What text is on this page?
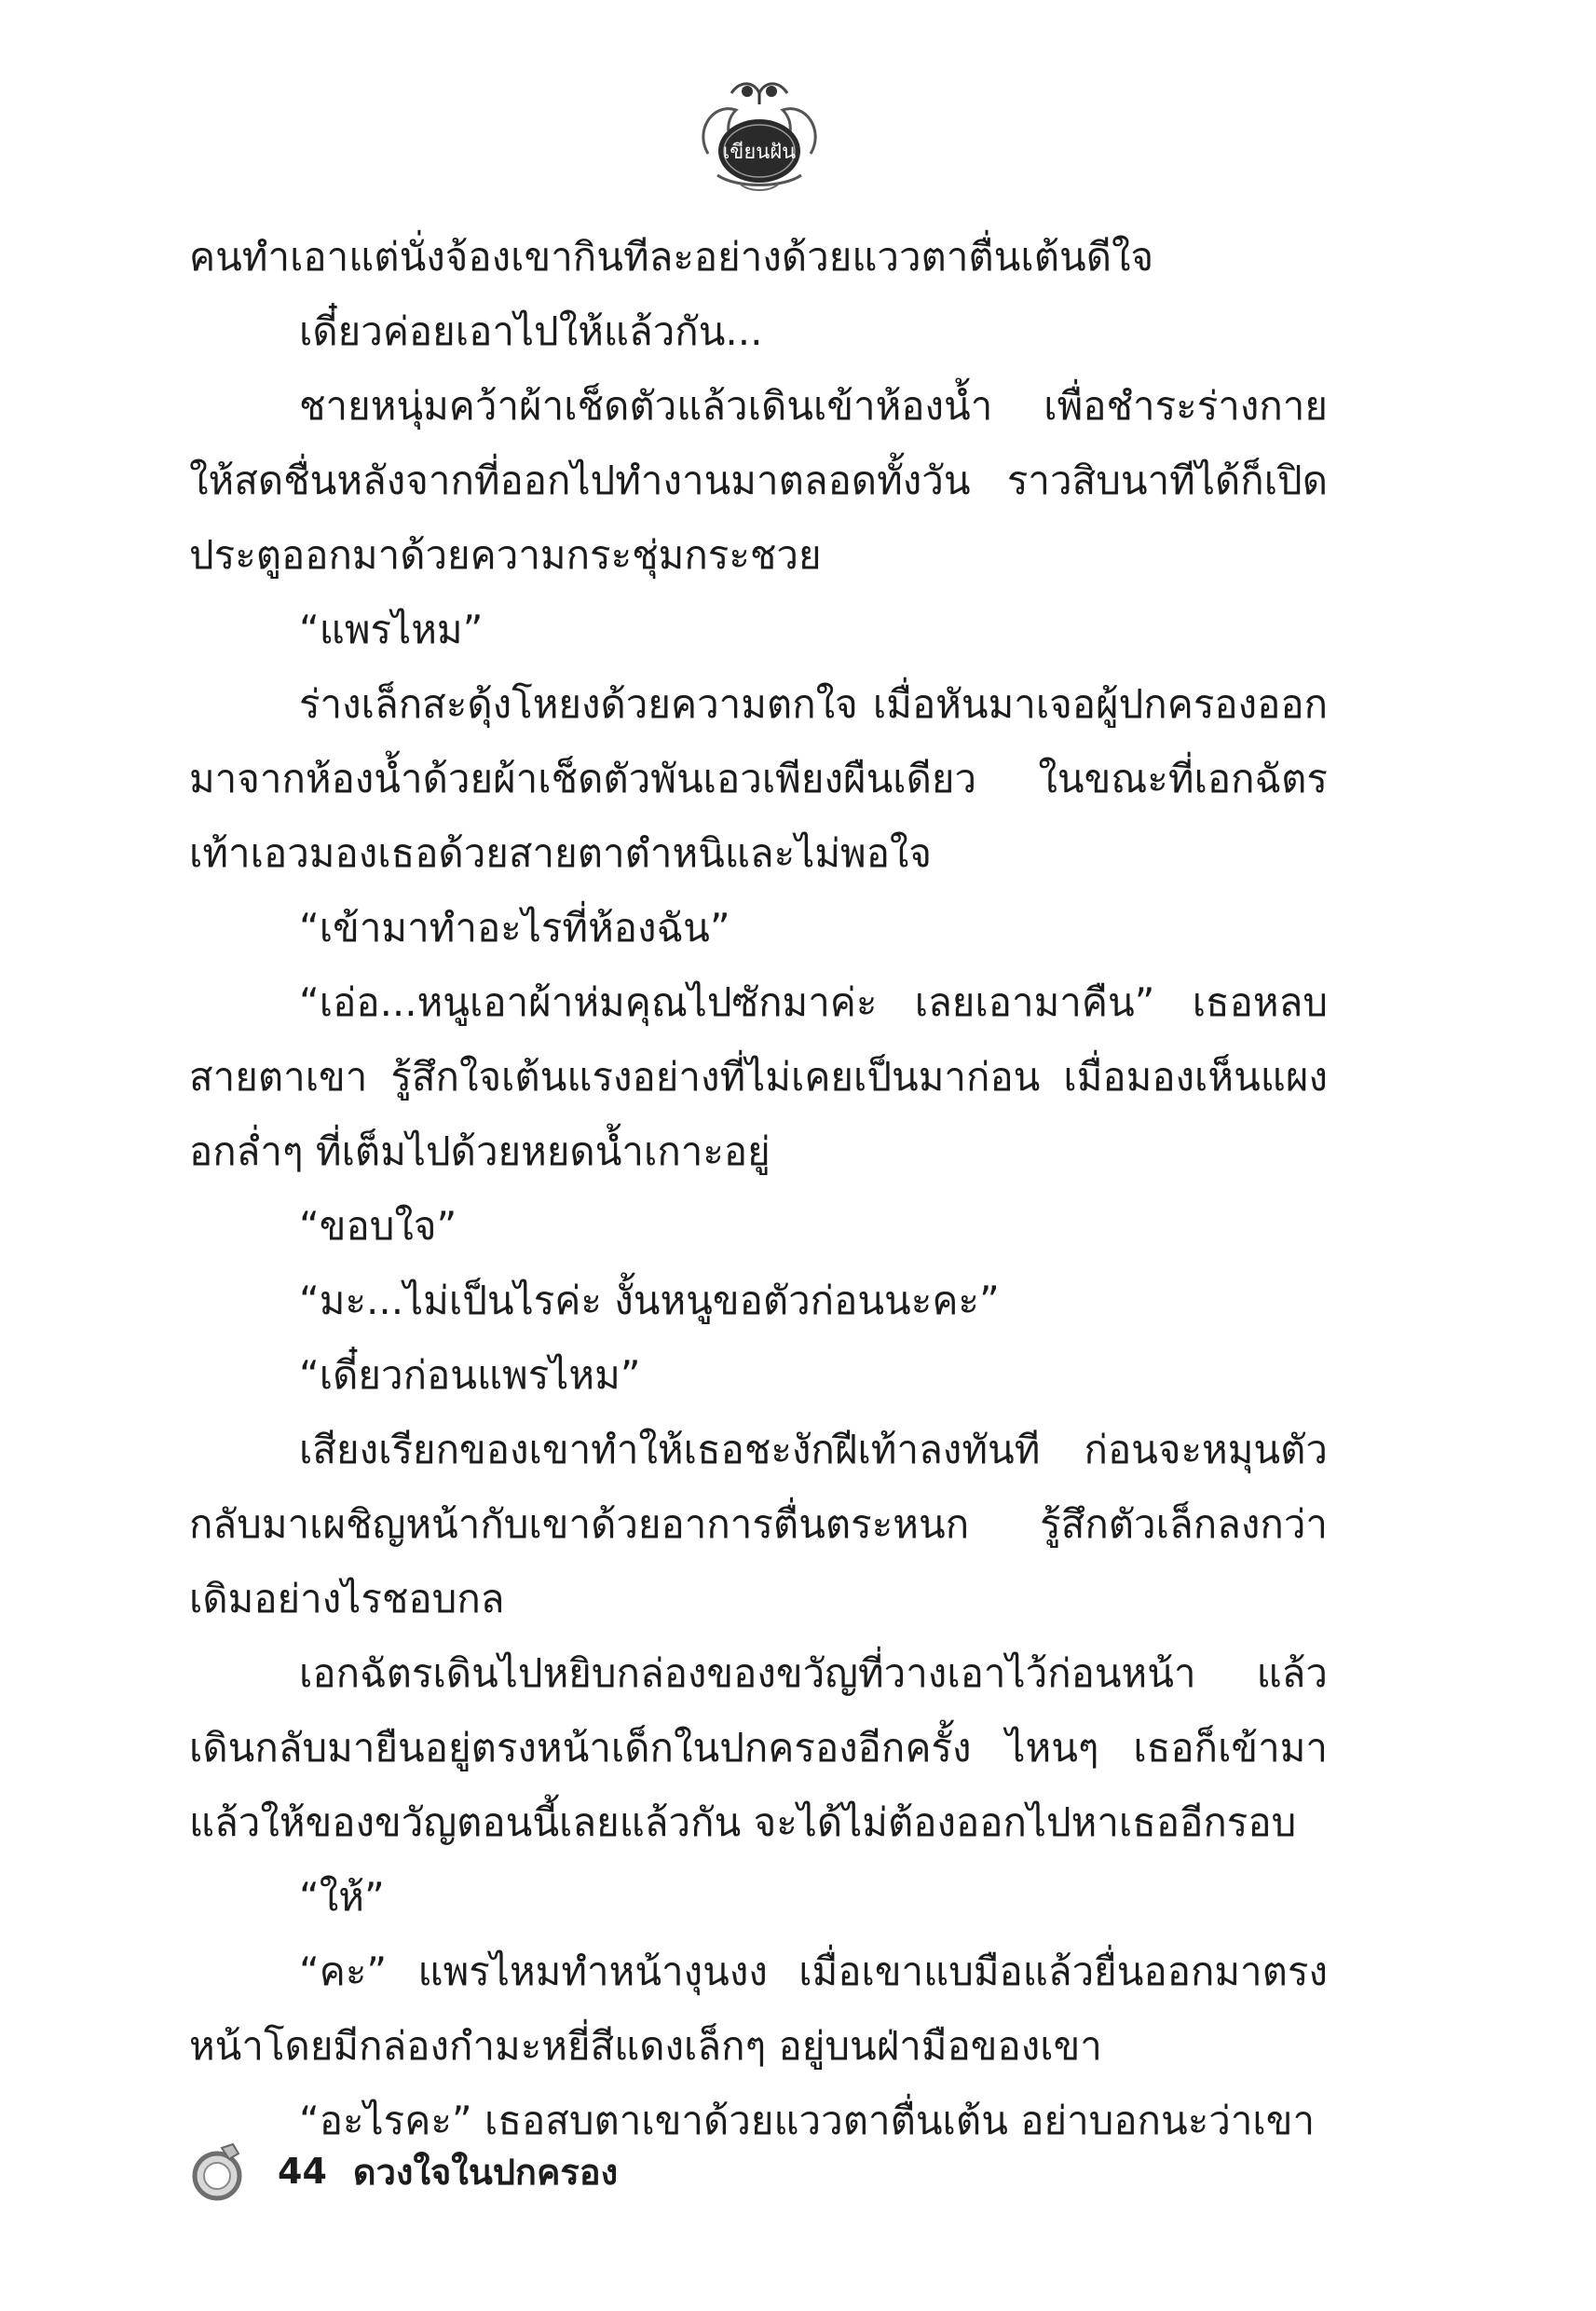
เขียนฝัน

คนทำเอาแต่นั่งจ้องเขากินทีละอย่างด้วยแววตาตื่นเต้นดีใจ

เดี๋ยวค่อยเอาไปให้แล้วกัน...

ชายหนุ่มคว้าผ้าเช็ดตัวแล้วเดินเข้าห้องน้ำ เพื่อชำระร่างกายให้สดชื่นหลังจากที่ออกไปทำงานมาตลอดทั้งวัน ราวสิบนาทีได้ก็เปิดประตูออกมาด้วยความกระชุ่มกระชวย

“แพรไหม”

ร่างเล็กสะดุ้งโหยงด้วยความตกใจ เมื่อหันมาเจอผู้ปกครองออกมาจากห้องน้ำด้วยผ้าเช็ดตัวพันเอวเพียงผืนเดียว ในขณะที่เอกฉัตรเท้าเอวมองเธอด้วยสายตาตำหนิและไม่พอใจ

“เข้ามาทำอะไรที่ห้องฉัน”

“เอ่อ...หนูเอาผ้าห่มคุณไปซักมาค่ะ เลยเอามาคืน” เธอหลบสายตาเขา รู้สึกใจเต้นแรงอย่างที่ไม่เคยเป็นมาก่อน เมื่อมองเห็นแผงอกล่ำๆ ที่เต็มไปด้วยหยดน้ำเกาะอยู่

“ขอบใจ”

“มะ...ไม่เป็นไรค่ะ งั้นหนูขอตัวก่อนนะคะ”

“เดี๋ยวก่อนแพรไหม”

เสียงเรียกของเขาทำให้เธอชะงักฝีเท้าลงทันที ก่อนจะหมุนตัวกลับมาเผชิญหน้ากับเขาด้วยอาการตื่นตระหนก รู้สึกตัวเล็กลงกว่าเดิมอย่างไรชอบกล

เอกฉัตรเดินไปหยิบกล่องของขวัญที่วางเอาไว้ก่อนหน้า แล้วเดินกลับมายืนอยู่ตรงหน้าเด็กในปกครองอีกครั้ง ไหนๆ เธอก็เข้ามาแล้วให้ของขวัญตอนนี้เลยแล้วกัน จะได้ไม่ต้องออกไปหาเธออีกรอบ

“ให้”

“คะ” แพรไหมทำหน้างุนงง เมื่อเขาแบมือแล้วยื่นออกมาตรงหน้าโดยมีกล่องกำมะหยี่สีแดงเล็กๆ อยู่บนฝ่ามือของเขา

“อะไรคะ” เธอสบตาเขาด้วยแววตาตื่นเต้น อย่าบอกนะว่าเขา

44 ดวงใจในปกครอง
